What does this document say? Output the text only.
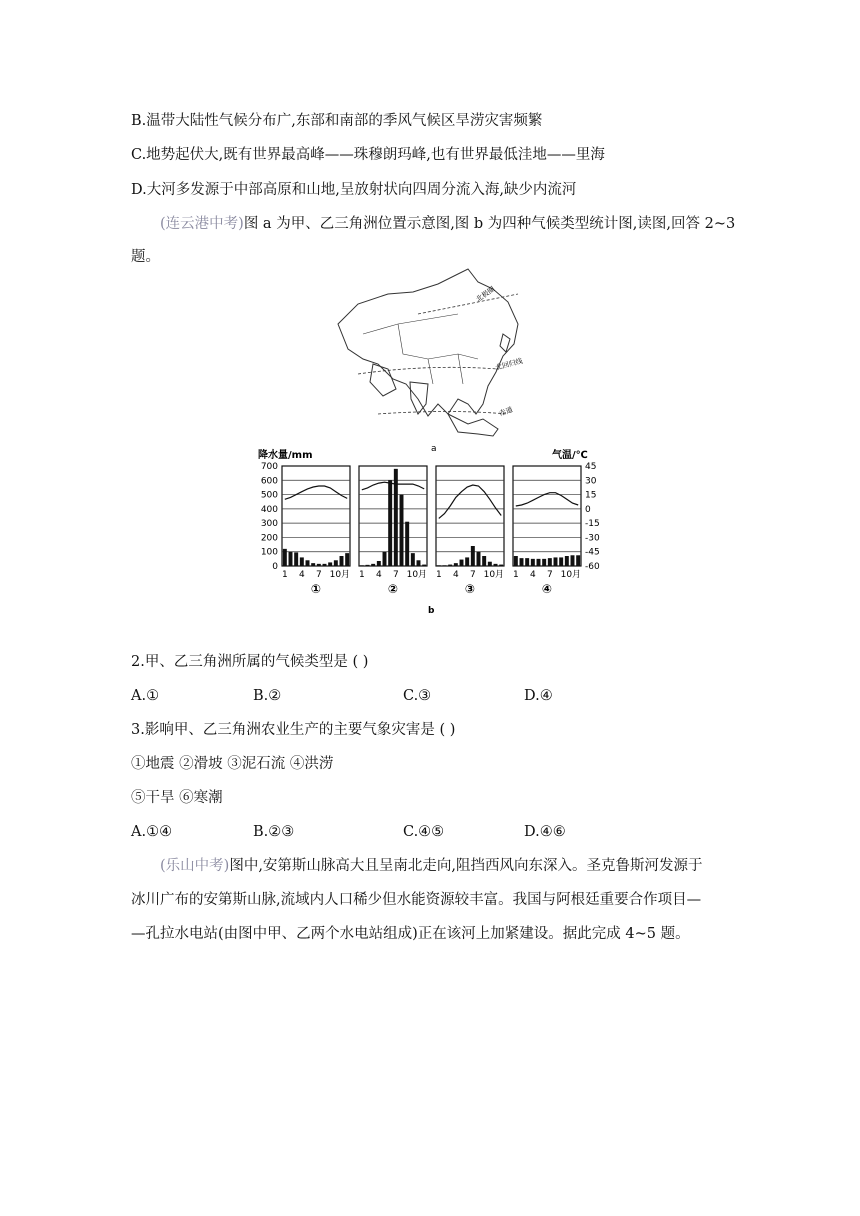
B.温带大陆性气候分布广,东部和南部的季风气候区旱涝灾害频繁
C.地势起伏大,既有世界最高峰——珠穆朗玛峰,也有世界最低洼地——里海
D.大河多发源于中部高原和山地,呈放射状向四周分流入海,缺少内流河
(连云港中考)图 a 为甲、乙三角洲位置示意图,图 b 为四种气候类型统计图,读图,回答 2~3
题。
北极圈
北回归线
赤道
a
降水量/mm	气温/℃
700
600
500
400
300
200
100
0
45
30
15
0
-15
-30
-45
-60
1 4 7 10月
①
1 4 7 10月
②
1 4 7 10月
③
1 4 7 10月
④
b
2.甲、乙三角洲所属的气候类型是 ( )
A.①	B.②	C.③	D.④
3.影响甲、乙三角洲农业生产的主要气象灾害是 ( )
①地震 ②滑坡 ③泥石流 ④洪涝
⑤干旱 ⑥寒潮
A.①④	B.②③	C.④⑤	D.④⑥
(乐山中考)图中,安第斯山脉高大且呈南北走向,阻挡西风向东深入。圣克鲁斯河发源于
冰川广布的安第斯山脉,流域内人口稀少但水能资源较丰富。我国与阿根廷重要合作项目—
—孔拉水电站(由图中甲、乙两个水电站组成)正在该河上加紧建设。据此完成 4~5 题。
